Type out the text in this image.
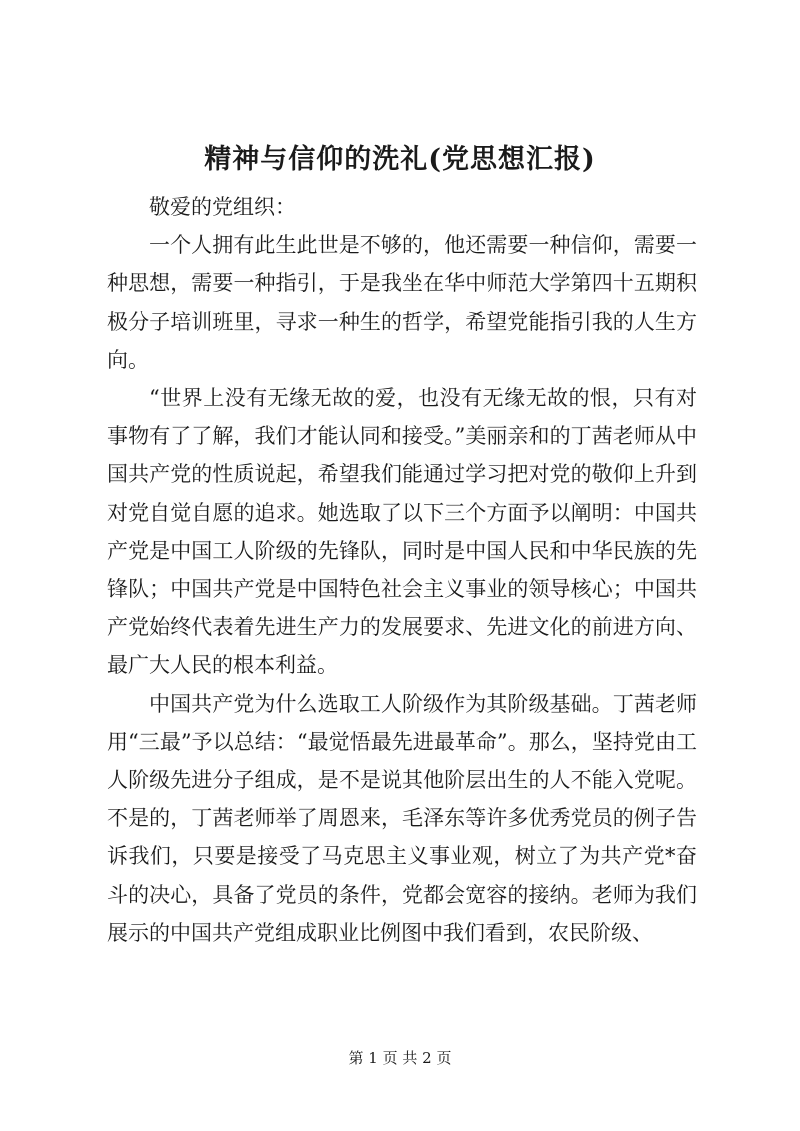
精神与信仰的洗礼(党思想汇报)

敬爱的党组织：

一个人拥有此生此世是不够的，他还需要一种信仰，需要一种思想，需要一种指引，于是我坐在华中师范大学第四十五期积极分子培训班里，寻求一种生的哲学，希望党能指引我的人生方向。

“世界上没有无缘无故的爱，也没有无缘无故的恨，只有对事物有了了解，我们才能认同和接受。”美丽亲和的丁茜老师从中国共产党的性质说起，希望我们能通过学习把对党的敬仰上升到对党自觉自愿的追求。她选取了以下三个方面予以阐明：中国共产党是中国工人阶级的先锋队，同时是中国人民和中华民族的先锋队；中国共产党是中国特色社会主义事业的领导核心；中国共产党始终代表着先进生产力的发展要求、先进文化的前进方向、最广大人民的根本利益。

中国共产党为什么选取工人阶级作为其阶级基础。丁茜老师用“三最”予以总结：“最觉悟最先进最革命”。那么，坚持党由工人阶级先进分子组成，是不是说其他阶层出生的人不能入党呢。不是的，丁茜老师举了周恩来，毛泽东等许多优秀党员的例子告诉我们，只要是接受了马克思主义事业观，树立了为共产党*奋斗的决心，具备了党员的条件，党都会宽容的接纳。老师为我们展示的中国共产党组成职业比例图中我们看到，农民阶级、

第 1 页 共 2 页
